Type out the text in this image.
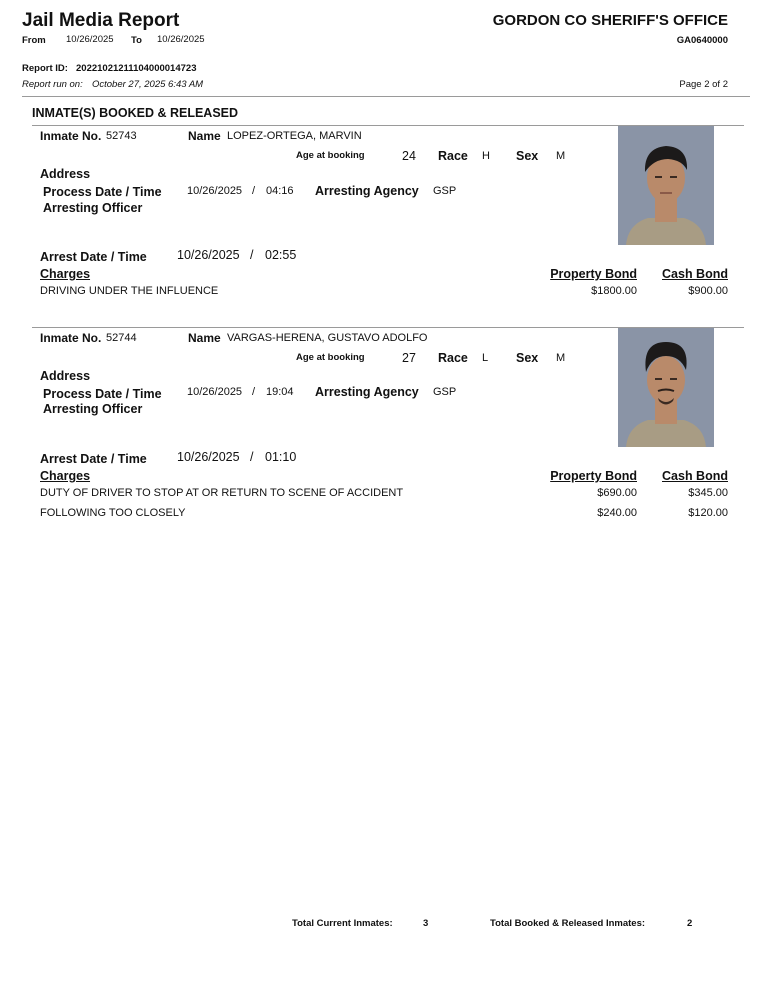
Jail Media Report
From 10/26/2025 To 10/26/2025
GORDON CO SHERIFF'S OFFICE
GA0640000
Report ID: 20221021211104000014723
Report run on: October 27, 2025 6:43 AM	Page 2 of 2
INMATE(S) BOOKED & RELEASED
Inmate No. 52743	Name LOPEZ-ORTEGA, MARVIN
Age at booking	24 Race H Sex M
Address
Process Date / Time 10/26/2025 / 04:16 Arresting Agency GSP
Arresting Officer
Arrest Date / Time 10/26/2025 / 02:55
Charges	Property Bond Cash Bond
DRIVING UNDER THE INFLUENCE	$1800.00	$900.00
Inmate No. 52744	Name VARGAS-HERENA, GUSTAVO ADOLFO
Age at booking	27 Race L Sex M
Address
Process Date / Time 10/26/2025 / 19:04 Arresting Agency GSP
Arresting Officer
Arrest Date / Time 10/26/2025 / 01:10
Charges	Property Bond Cash Bond
DUTY OF DRIVER TO STOP AT OR RETURN TO SCENE OF ACCIDENT	$690.00	$345.00
FOLLOWING TOO CLOSELY	$240.00	$120.00
Total Current Inmates:	3	Total Booked & Released Inmates:	2
